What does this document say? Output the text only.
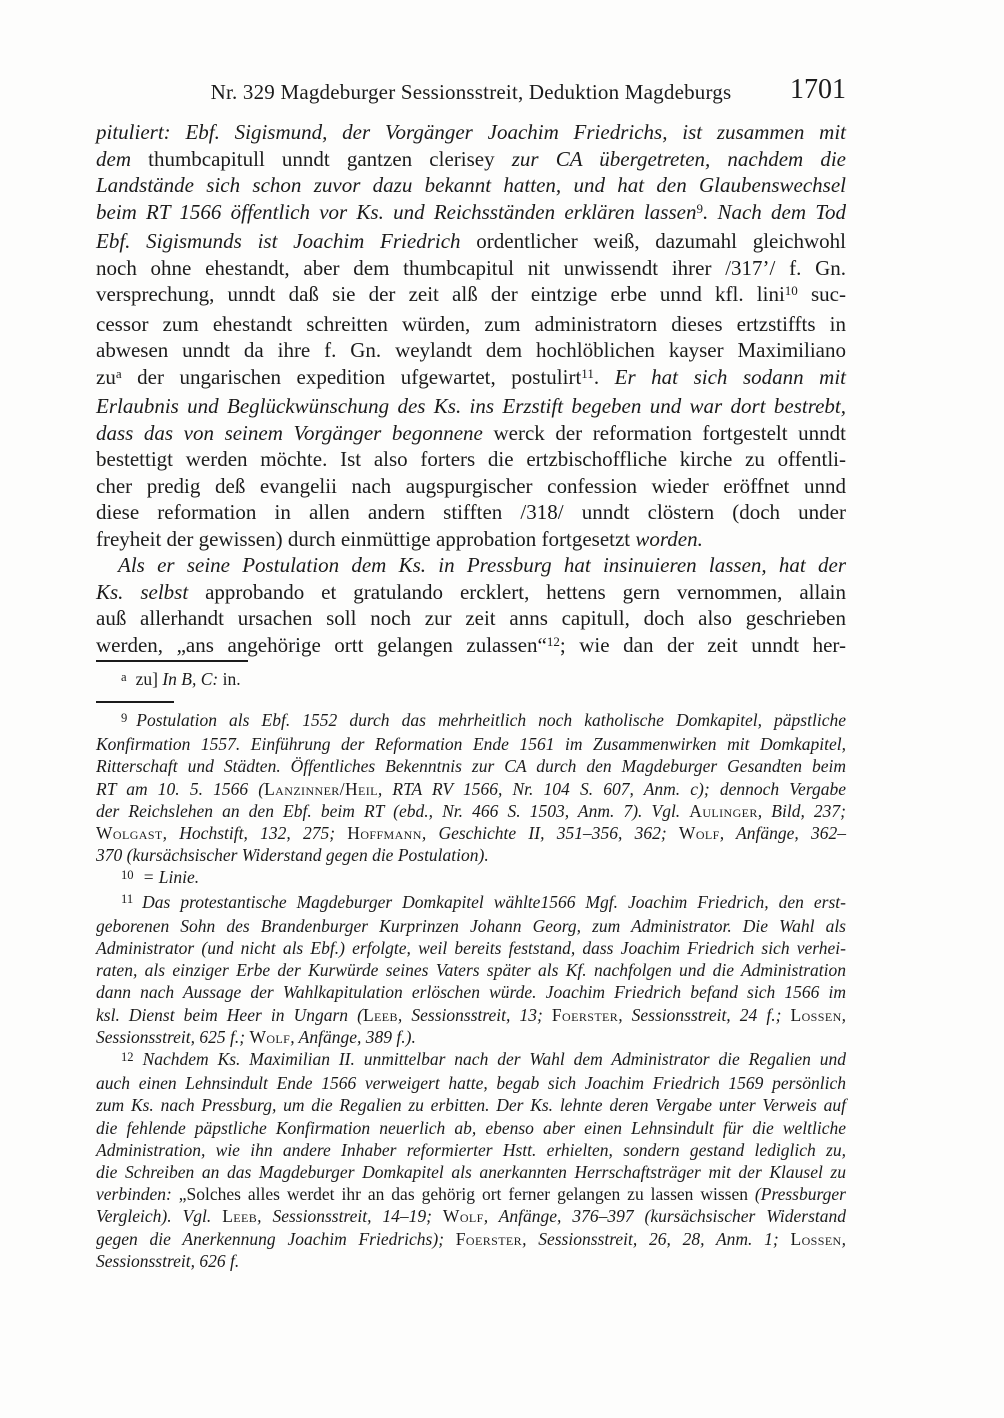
Nr. 329 Magdeburger Sessionsstreit, Deduktion Magdeburgs	1701
pituliert: Ebf. Sigismund, der Vorgänger Joachim Friedrichs, ist zusammen mit
dem thumbcapitull unndt gantzen clerisey zur CA übergetreten, nachdem die
Landstände sich schon zuvor dazu bekannt hatten, und hat den Glaubenswechsel
beim RT 1566 öffentlich vor Ks. und Reichsständen erklären lassen$^9$. Nach dem Tod
Ebf. Sigismunds ist Joachim Friedrich ordentlicher weiß, dazumahl gleichwohl
noch ohne ehestandt, aber dem thumbcapitul nit unwissendt ihrer /317’/ f. Gn.
versprechung, unndt daß sie der zeit alß der eintzige erbe unnd kfl. lini$^{10}$ suc-
cessor zum ehestandt schreitten würden, zum administratorn dieses ertzstiffts in
abwesen unndt da ihre f. Gn. weylandt dem hochlöblichen kayser Maximiliano
$zu^a$ der ungarischen expedition ufgewartet, postulirt$^{11}$. Er hat sich sodann mit
Erlaubnis und Beglückwünschung des Ks. ins Erzstift begeben und war dort bestrebt,
dass das von seinem Vorgänger begonnene werck der reformation fortgestelt unndt
bestettigt werden möchte. Ist also forters die ertzbischoffliche kirche zu offentli-
cher predig deß evangelii nach augspurgischer confession wieder eröffnet unnd
diese reformation in allen andern stifften /318/ unndt clöstern (doch under
freyheit der gewissen) durch einmüttige approbation fortgesetzt worden.
Als er seine Postulation dem Ks. in Pressburg hat insinuieren lassen, hat der
Ks. selbst approbando et gratulando ercklert, hettens gern vernommen, allain
auß allerhandt ursachen soll noch zur zeit anns capitull, doch also geschrieben
werden, „ans angehörige ortt gelangen zulassen“$^{12}$; wie dan der zeit unndt her-
$^a$ zu] In B, C: in.
$^9$ Postulation als Ebf. 1552 durch das mehrheitlich noch katholische Domkapitel, päpstliche
Konfirmation 1557. Einführung der Reformation Ende 1561 im Zusammenwirken mit Domkapitel,
Ritterschaft und Städten. Öffentliches Bekenntnis zur CA durch den Magdeburger Gesandten beim
RT am 10. 5. 1566 (Lanzinner/Heil, RTA RV 1566, Nr. 104 S. 607, Anm. c); dennoch Vergabe
der Reichslehen an den Ebf. beim RT (ebd., Nr. 466 S. 1503, Anm. 7). Vgl. Aulinger, Bild, 237;
Wolgast, Hochstift, 132, 275; Hoffmann, Geschichte II, 351–356, 362; Wolf, Anfänge, 362–
370 (kursächsischer Widerstand gegen die Postulation).
$^{10}$ = Linie.
$^{11}$ Das protestantische Magdeburger Domkapitel wählte1566 Mgf. Joachim Friedrich, den erst-
geborenen Sohn des Brandenburger Kurprinzen Johann Georg, zum Administrator. Die Wahl als
Administrator (und nicht als Ebf.) erfolgte, weil bereits feststand, dass Joachim Friedrich sich verhei-
raten, als einziger Erbe der Kurwürde seines Vaters später als Kf. nachfolgen und die Administration
dann nach Aussage der Wahlkapitulation erlöschen würde. Joachim Friedrich befand sich 1566 im
ksl. Dienst beim Heer in Ungarn (Leeb, Sessionsstreit, 13; Foerster, Sessionsstreit, 24 f.; Lossen,
Sessionsstreit, 625 f.; Wolf, Anfänge, 389 f.).
$^{12}$ Nachdem Ks. Maximilian II. unmittelbar nach der Wahl dem Administrator die Regalien und
auch einen Lehnsindult Ende 1566 verweigert hatte, begab sich Joachim Friedrich 1569 persönlich
zum Ks. nach Pressburg, um die Regalien zu erbitten. Der Ks. lehnte deren Vergabe unter Verweis auf
die fehlende päpstliche Konfirmation neuerlich ab, ebenso aber einen Lehnsindult für die weltliche
Administration, wie ihn andere Inhaber reformierter Hstt. erhielten, sondern gestand lediglich zu,
die Schreiben an das Magdeburger Domkapitel als anerkannten Herrschaftsträger mit der Klausel zu
verbinden: „Solches alles werdet ihr an das gehörig ort ferner gelangen zu lassen wissen (Pressburger
Vergleich). Vgl. Leeb, Sessionsstreit, 14–19; Wolf, Anfänge, 376–397 (kursächsischer Widerstand
gegen die Anerkennung Joachim Friedrichs); Foerster, Sessionsstreit, 26, 28, Anm. 1; Lossen,
Sessionsstreit, 626 f.
